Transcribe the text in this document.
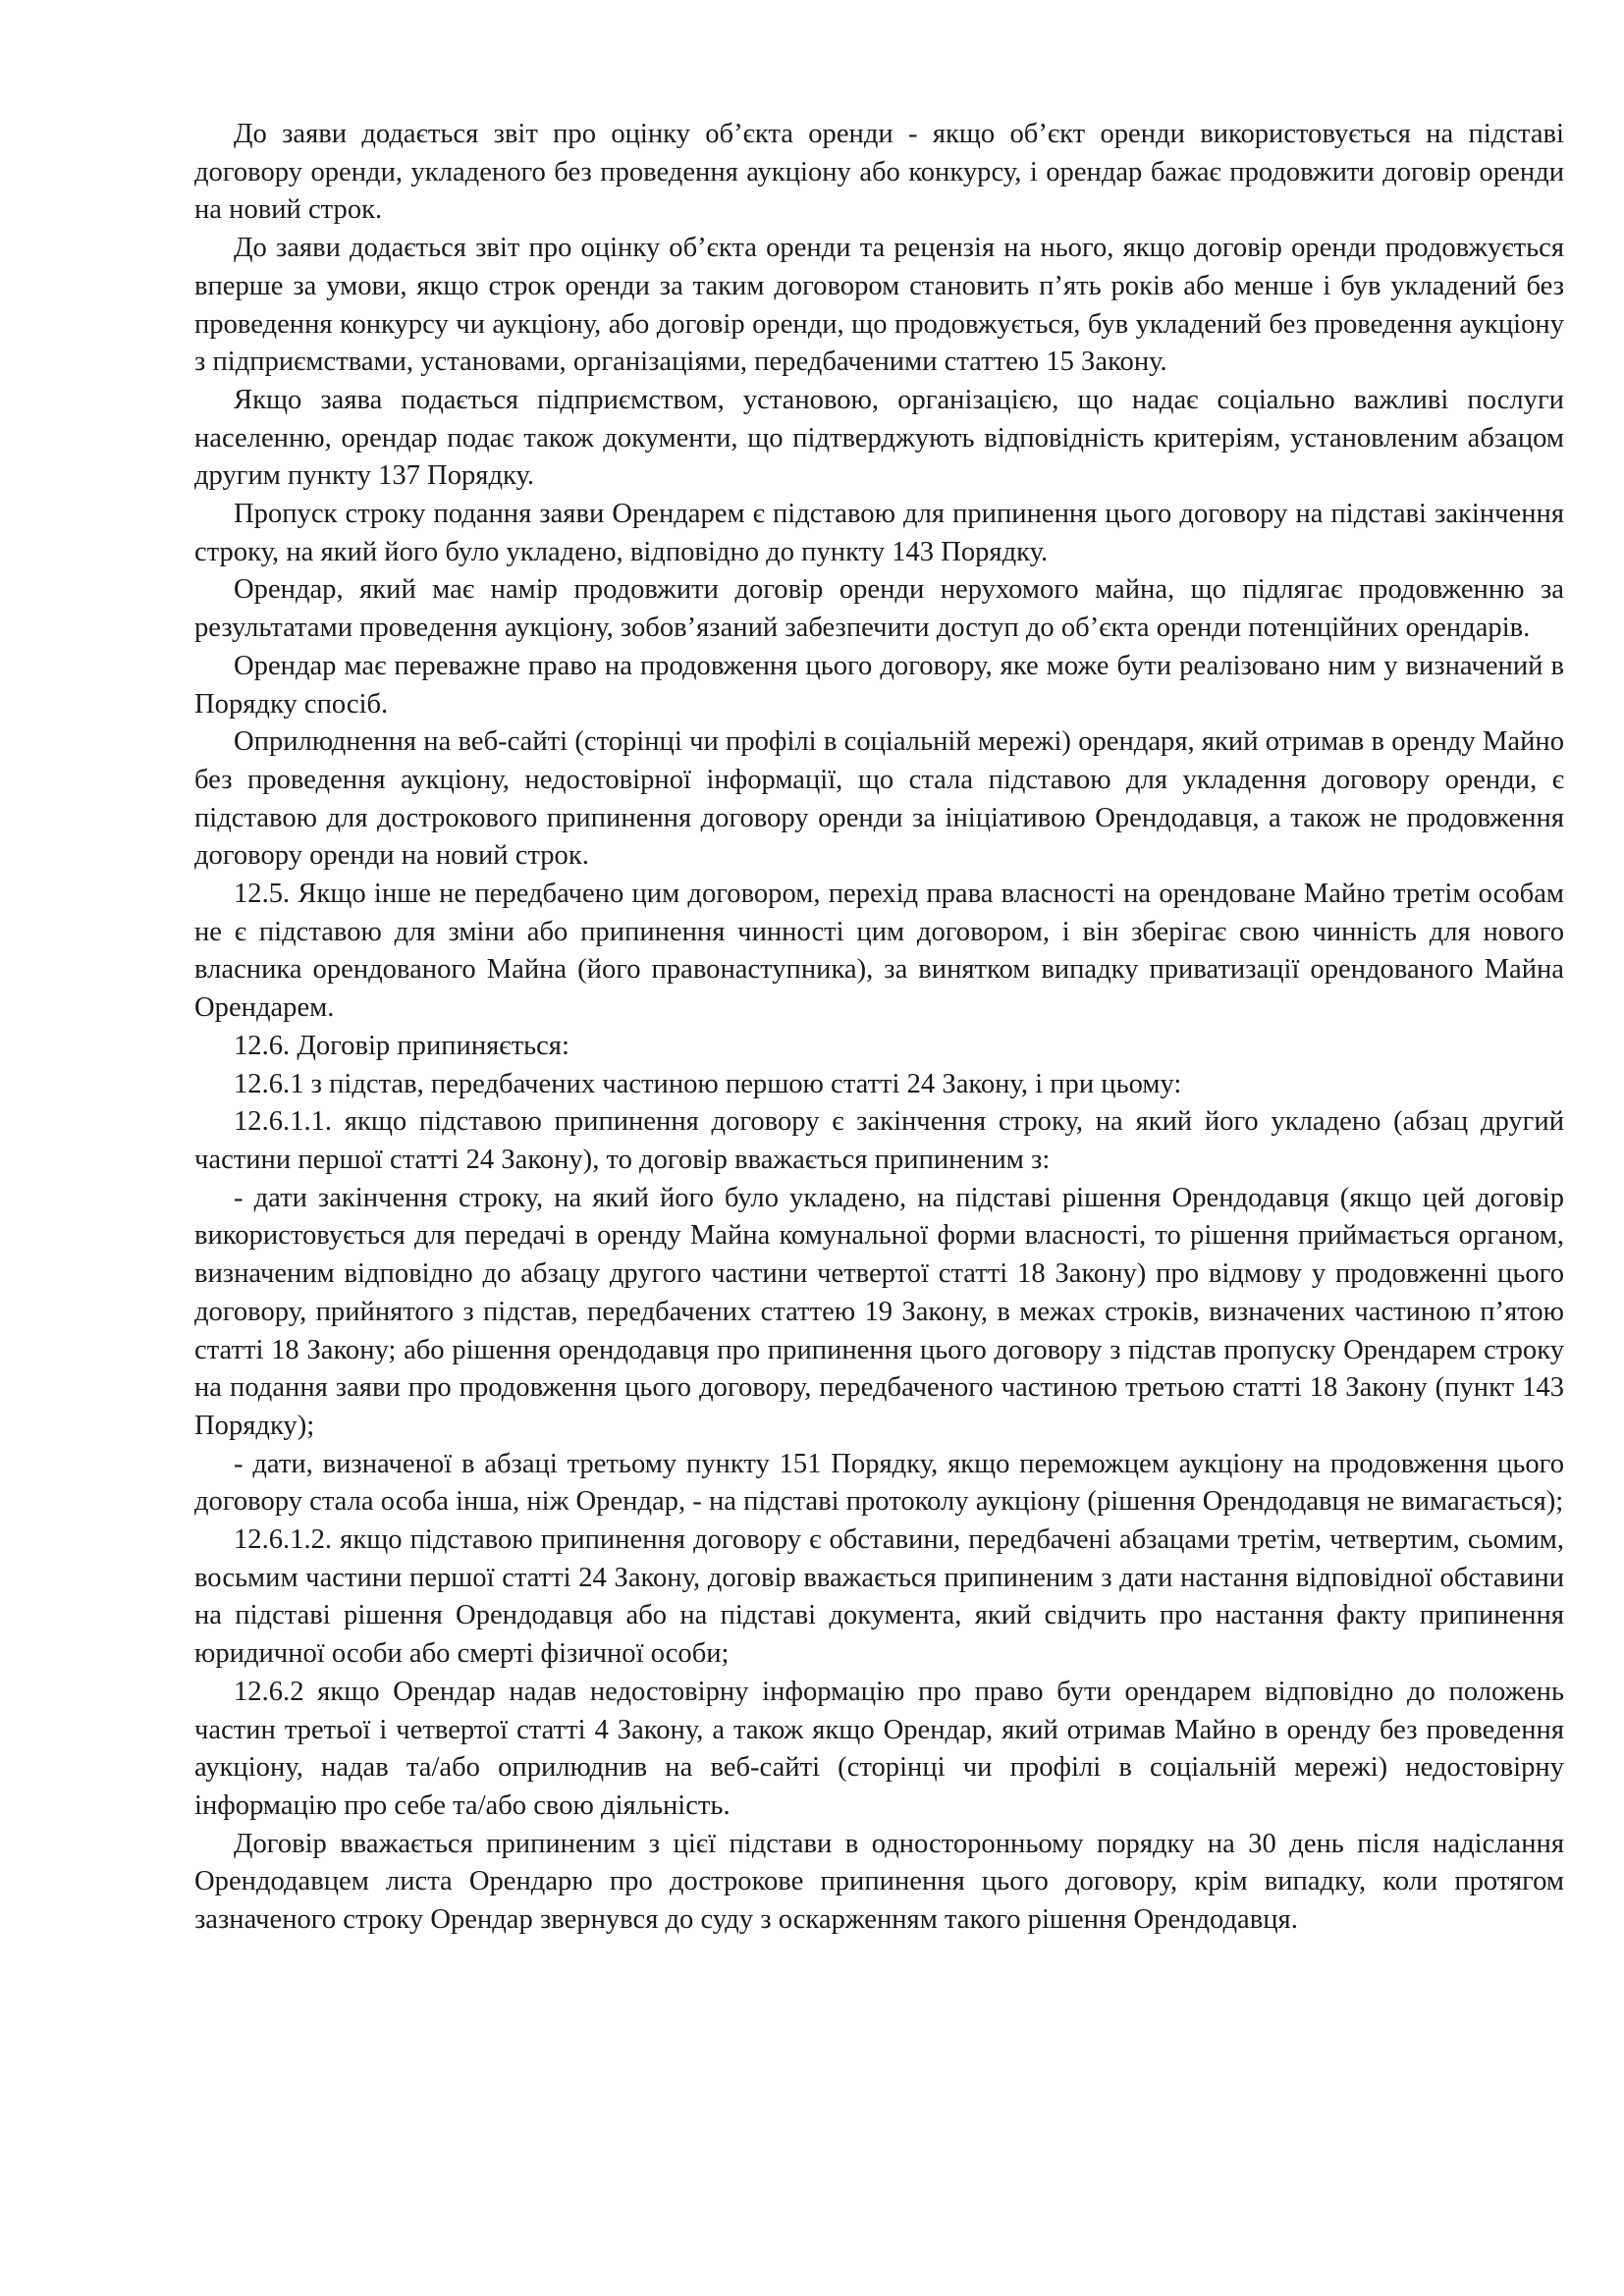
До заяви додається звіт про оцінку об’єкта оренди - якщо об’єкт оренди використовується на підставі договору оренди, укладеного без проведення аукціону або конкурсу, і орендар бажає продовжити договір оренди на новий строк.

До заяви додається звіт про оцінку об’єкта оренди та рецензія на нього, якщо договір оренди продовжується вперше за умови, якщо строк оренди за таким договором становить п’ять років або менше і був укладений без проведення конкурсу чи аукціону, або договір оренди, що продовжується, був укладений без проведення аукціону з підприємствами, установами, організаціями, передбаченими статтею 15 Закону.

Якщо заява подається підприємством, установою, організацією, що надає соціально важливі послуги населенню, орендар подає також документи, що підтверджують відповідність критеріям, установленим абзацом другим пункту 137 Порядку.

Пропуск строку подання заяви Орендарем є підставою для припинення цього договору на підставі закінчення строку, на який його було укладено, відповідно до пункту 143 Порядку.

Орендар, який має намір продовжити договір оренди нерухомого майна, що підлягає продовженню за результатами проведення аукціону, зобов’язаний забезпечити доступ до об’єкта оренди потенційних орендарів.

Орендар має переважне право на продовження цього договору, яке може бути реалізовано ним у визначений в Порядку спосіб.

Оприлюднення на веб-сайті (сторінці чи профілі в соціальній мережі) орендаря, який отримав в оренду Майно без проведення аукціону, недостовірної інформації, що стала підставою для укладення договору оренди, є підставою для дострокового припинення договору оренди за ініціативою Орендодавця, а також не продовження договору оренди на новий строк.

12.5. Якщо інше не передбачено цим договором, перехід права власності на орендоване Майно третім особам не є підставою для зміни або припинення чинності цим договором, і він зберігає свою чинність для нового власника орендованого Майна (його правонаступника), за винятком випадку приватизації орендованого Майна Орендарем.

12.6. Договір припиняється:

12.6.1 з підстав, передбачених частиною першою статті 24 Закону, і при цьому:

12.6.1.1. якщо підставою припинення договору є закінчення строку, на який його укладено (абзац другий частини першої статті 24 Закону), то договір вважається припиненим з:

- дати закінчення строку, на який його було укладено, на підставі рішення Орендодавця (якщо цей договір використовується для передачі в оренду Майна комунальної форми власності, то рішення приймається органом, визначеним відповідно до абзацу другого частини четвертої статті 18 Закону) про відмову у продовженні цього договору, прийнятого з підстав, передбачених статтею 19 Закону, в межах строків, визначених частиною п’ятою статті 18 Закону; або рішення орендодавця про припинення цього договору з підстав пропуску Орендарем строку на подання заяви про продовження цього договору, передбаченого частиною третьою статті 18 Закону (пункт 143 Порядку);

- дати, визначеної в абзаці третьому пункту 151 Порядку, якщо переможцем аукціону на продовження цього договору стала особа інша, ніж Орендар, - на підставі протоколу аукціону (рішення Орендодавця не вимагається);

12.6.1.2. якщо підставою припинення договору є обставини, передбачені абзацами третім, четвертим, сьомим, восьмим частини першої статті 24 Закону, договір вважається припиненим з дати настання відповідної обставини на підставі рішення Орендодавця або на підставі документа, який свідчить про настання факту припинення юридичної особи або смерті фізичної особи;

12.6.2 якщо Орендар надав недостовірну інформацію про право бути орендарем відповідно до положень частин третьої і четвертої статті 4 Закону, а також якщо Орендар, який отримав Майно в оренду без проведення аукціону, надав та/або оприлюднив на веб-сайті (сторінці чи профілі в соціальній мережі) недостовірну інформацію про себе та/або свою діяльність.

Договір вважається припиненим з цієї підстави в односторонньому порядку на 30 день після надіслання Орендодавцем листа Орендарю про дострокове припинення цього договору, крім випадку, коли протягом зазначеного строку Орендар звернувся до суду з оскарженням такого рішення Орендодавця.
